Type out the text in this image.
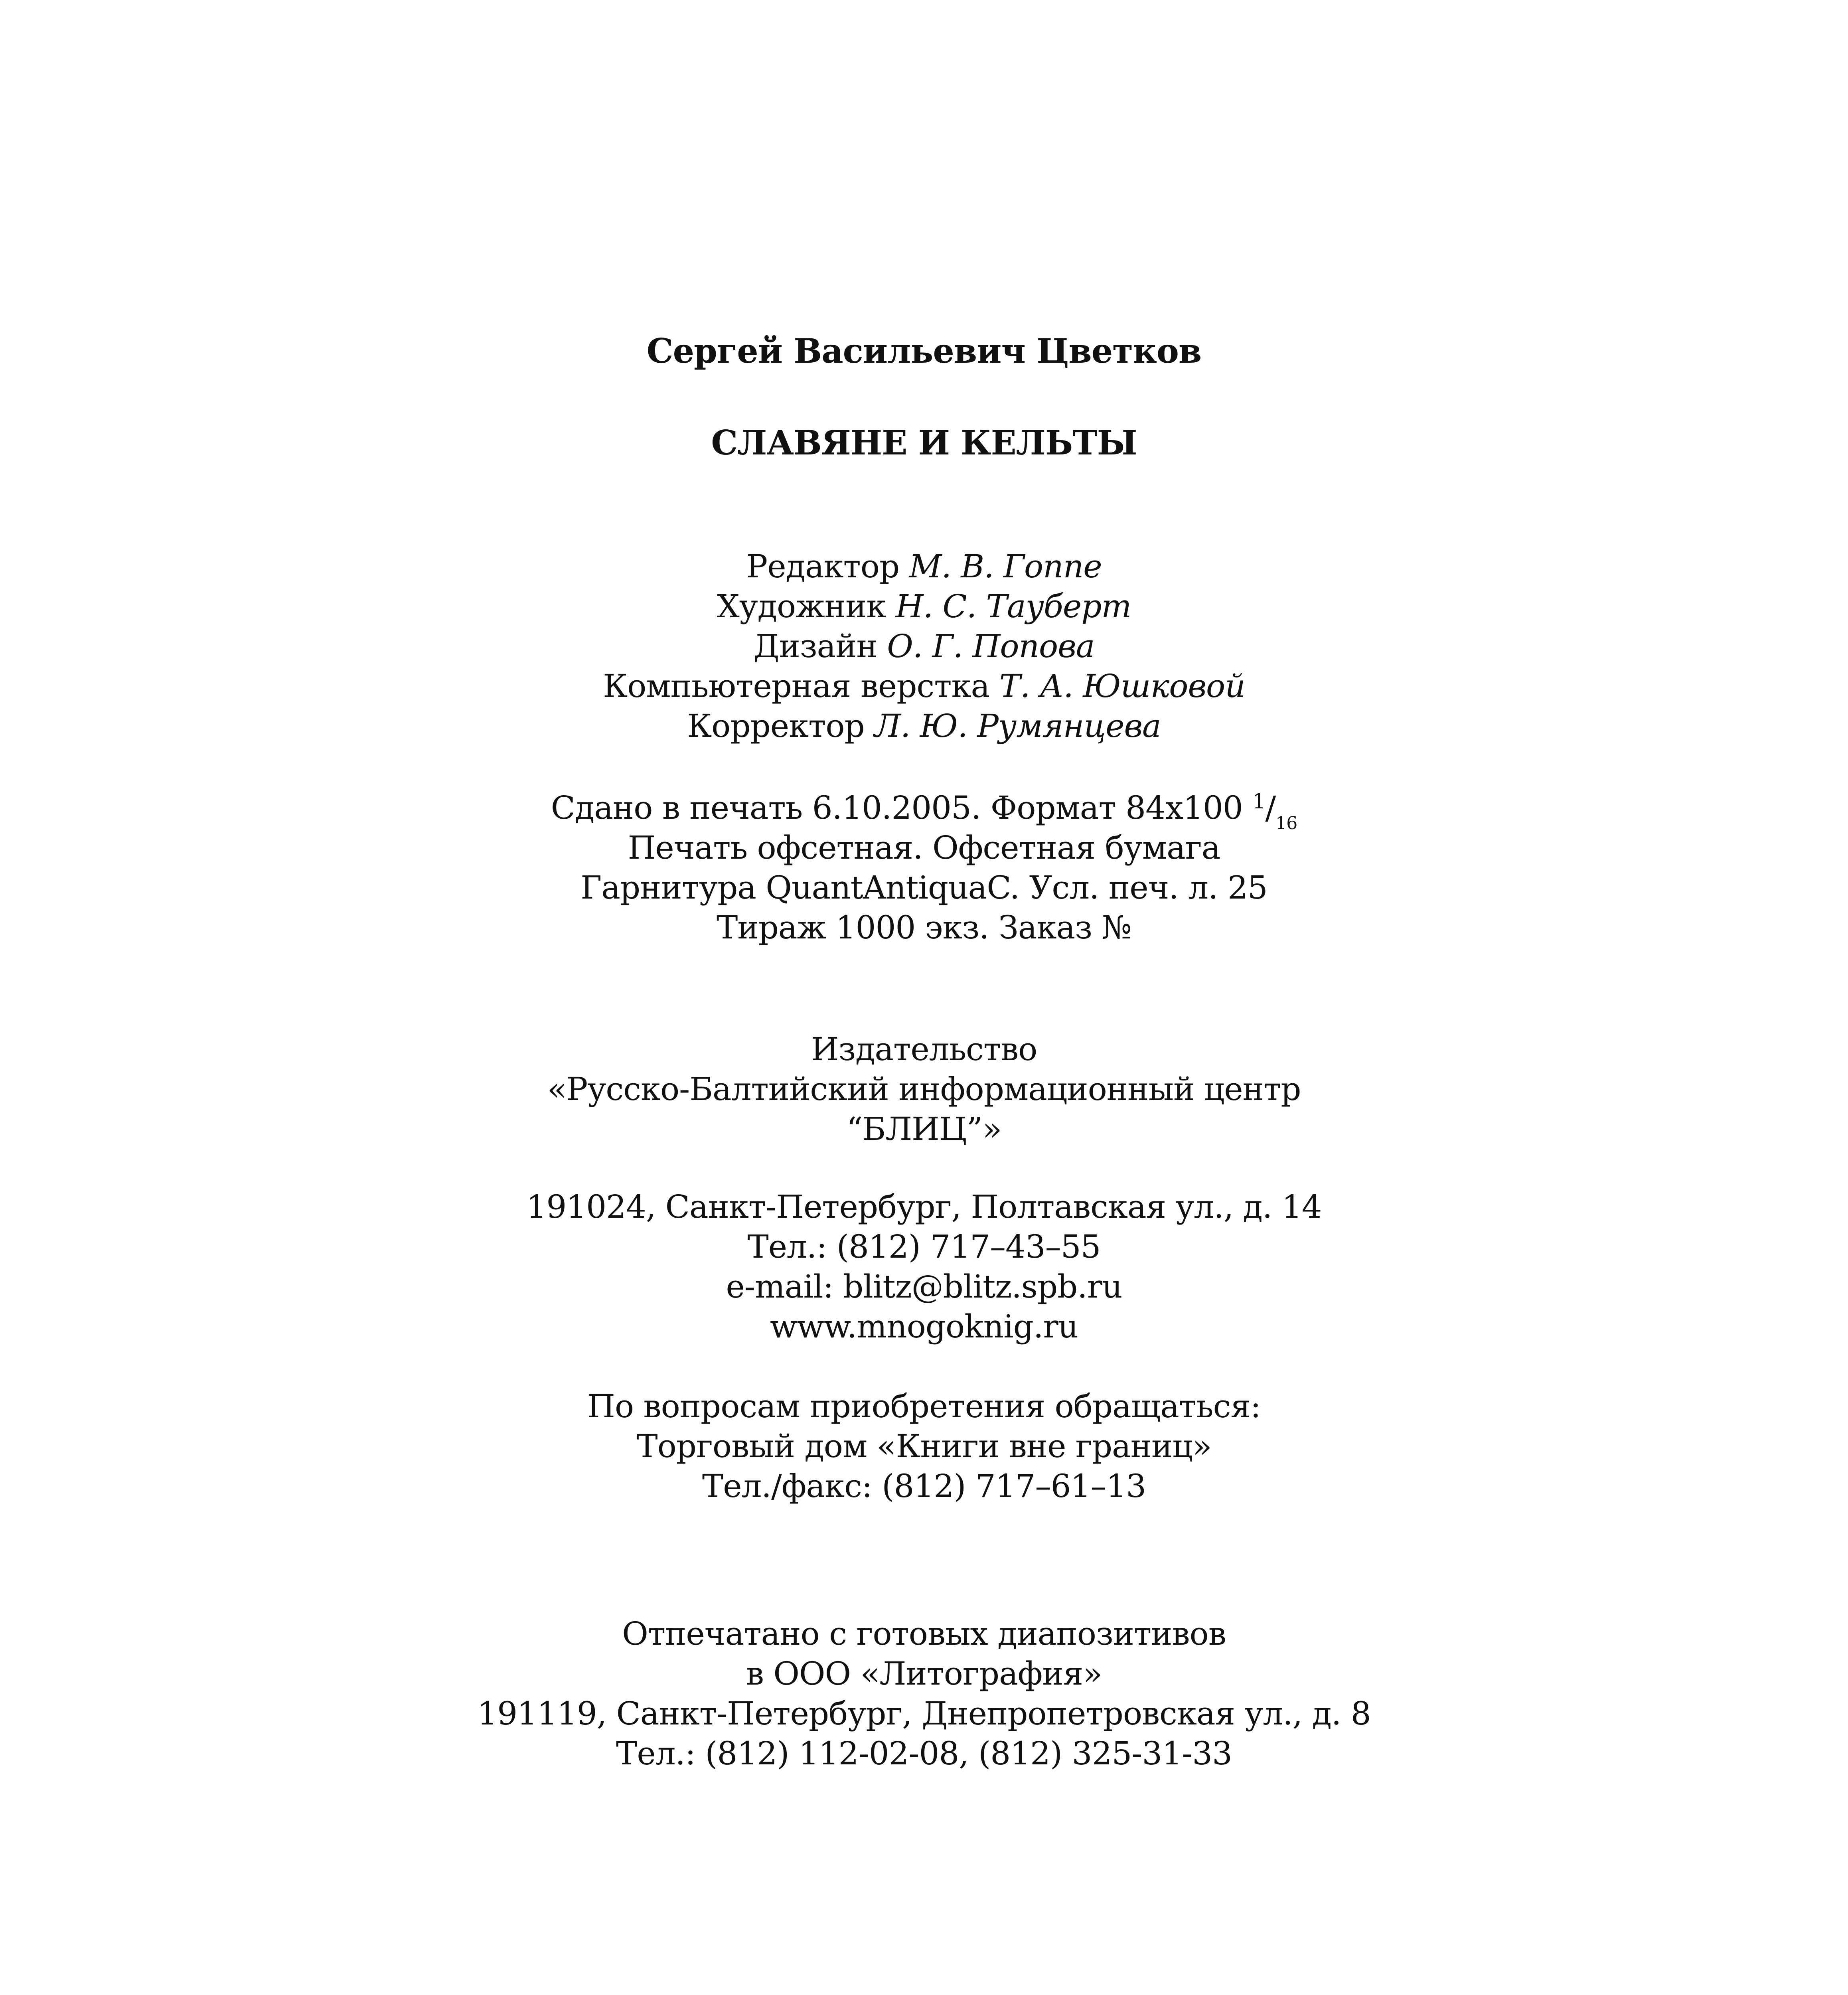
Сергей Васильевич Цветков
СЛАВЯНЕ И КЕЛЬТЫ
Редактор М. В. Гоппе
Художник Н. С. Тауберт
Дизайн О. Г. Попова
Компьютерная верстка Т. А. Юшковой
Корректор Л. Ю. Румянцева
Сдано в печать 6.10.2005. Формат 84x100 $^1/_{16}$
Печать офсетная. Офсетная бумага
Гарнитура QuantAntiquaC. Усл. печ. л. 25
Тираж 1000 экз. Заказ №
Издательство
«Русско-Балтийский информационный центр
“БЛИЦ”»
191024, Санкт-Петербург, Полтавская ул., д. 14
Тел.: (812) 717–43–55
e-mail: blitz@blitz.spb.ru
www.mnogoknig.ru
По вопросам приобретения обращаться:
Торговый дом «Книги вне границ»
Тел./факс: (812) 717–61–13
Отпечатано с готовых диапозитивов
в ООО «Литография»
191119, Санкт-Петербург, Днепропетровская ул., д. 8
Тел.: (812) 112-02-08, (812) 325-31-33
